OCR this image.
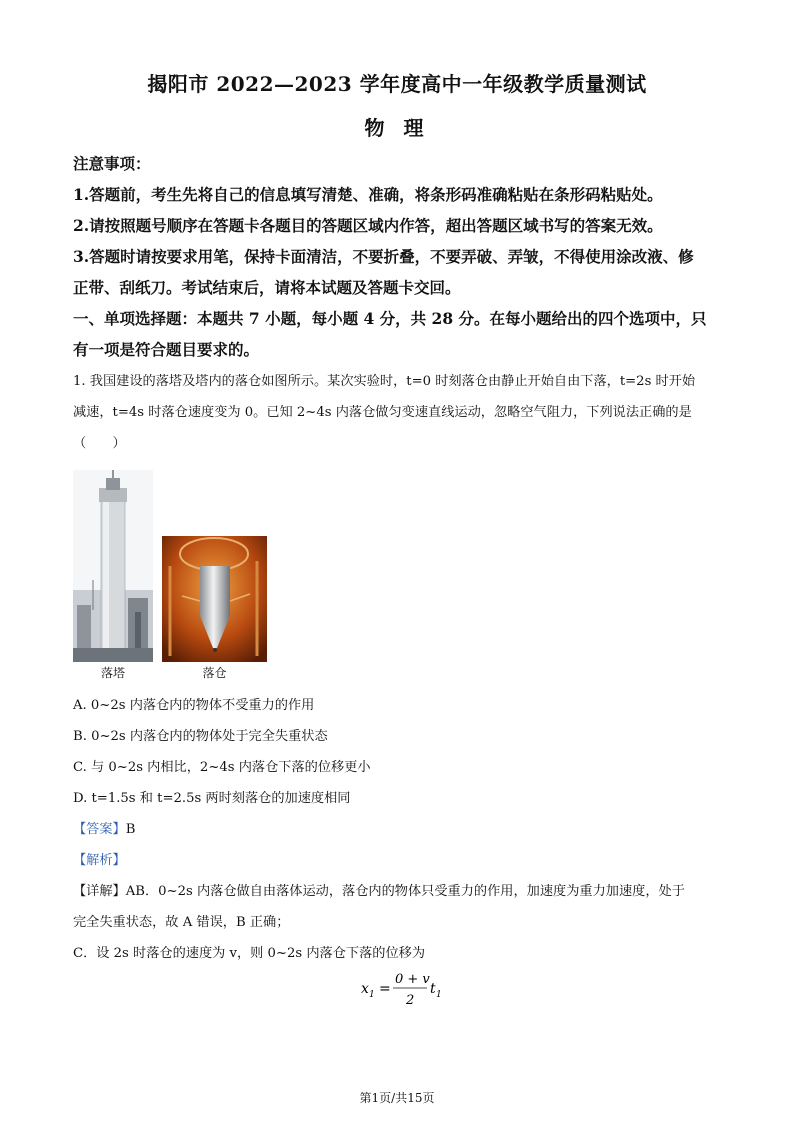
揭阳市 2022—2023 学年度高中一年级教学质量测试
物 理
注意事项：
1.答题前，考生先将自己的信息填写清楚、准确，将条形码准确粘贴在条形码粘贴处。
2.请按照题号顺序在答题卡各题目的答题区域内作答，超出答题区域书写的答案无效。
3.答题时请按要求用笔，保持卡面清洁，不要折叠，不要弄破、弄皱，不得使用涂改液、修
正带、刮纸刀。考试结束后，请将本试题及答题卡交回。
一、单项选择题：本题共 7 小题，每小题 4 分，共 28 分。在每小题给出的四个选项中，只
有一项是符合题目要求的。
1. 我国建设的落塔及塔内的落仓如图所示。某次实验时，t=0 时刻落仓由静止开始自由下落，t=2s 时开始
减速，t=4s 时落仓速度变为 0。已知 2~4s 内落仓做匀变速直线运动，忽略空气阻力，下列说法正确的是
（　　）
落塔	落仓
A. 0~2s 内落仓内的物体不受重力的作用
B. 0~2s 内落仓内的物体处于完全失重状态
C. 与 0~2s 内相比，2~4s 内落仓下落的位移更小
D. t=1.5s 和 t=2.5s 两时刻落仓的加速度相同
【答案】B
【解析】
【详解】AB．0~2s 内落仓做自由落体运动，落仓内的物体只受重力的作用，加速度为重力加速度，处于
完全失重状态，故 A 错误，B 正确；
C．设 2s 时落仓的速度为 v，则 0~2s 内落仓下落的位移为
x 1 =
0 + v
2
t 1
第1页/共15页
